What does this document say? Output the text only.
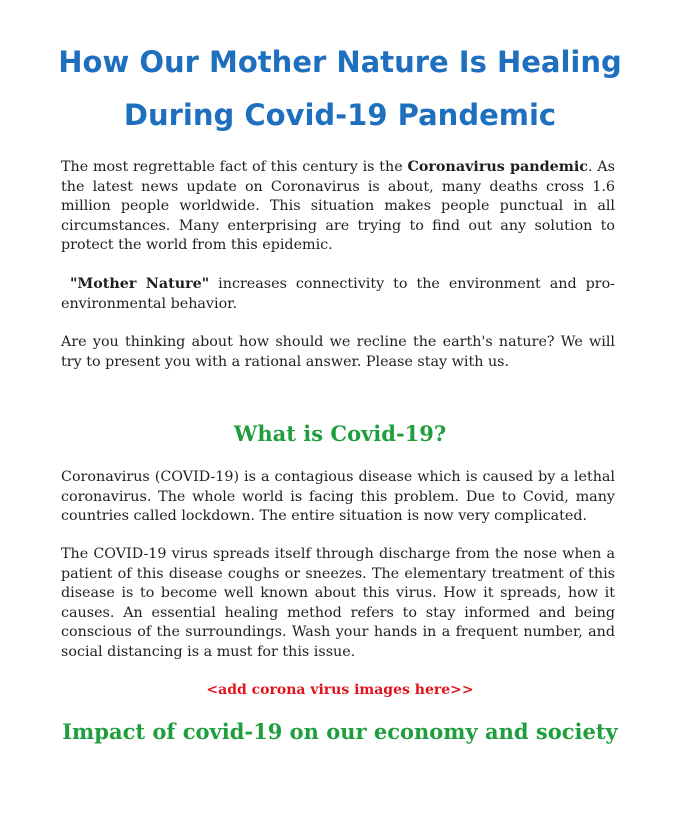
How Our Mother Nature Is Healing
During Covid-19 Pandemic

The most regrettable fact of this century is the Coronavirus pandemic. As the latest news update on Coronavirus is about, many deaths cross 1.6 million people worldwide. This situation makes people punctual in all circumstances. Many enterprising are trying to find out any solution to protect the world from this epidemic.

"Mother Nature" increases connectivity to the environment and pro-environmental behavior.

Are you thinking about how should we recline the earth's nature? We will try to present you with a rational answer. Please stay with us.

What is Covid-19?

Coronavirus (COVID-19) is a contagious disease which is caused by a lethal coronavirus. The whole world is facing this problem. Due to Covid, many countries called lockdown. The entire situation is now very complicated.

The COVID-19 virus spreads itself through discharge from the nose when a patient of this disease coughs or sneezes. The elementary treatment of this disease is to become well known about this virus. How it spreads, how it causes. An essential healing method refers to stay informed and being conscious of the surroundings. Wash your hands in a frequent number, and social distancing is a must for this issue.

<add corona virus images here>>

Impact of covid-19 on our economy and society
